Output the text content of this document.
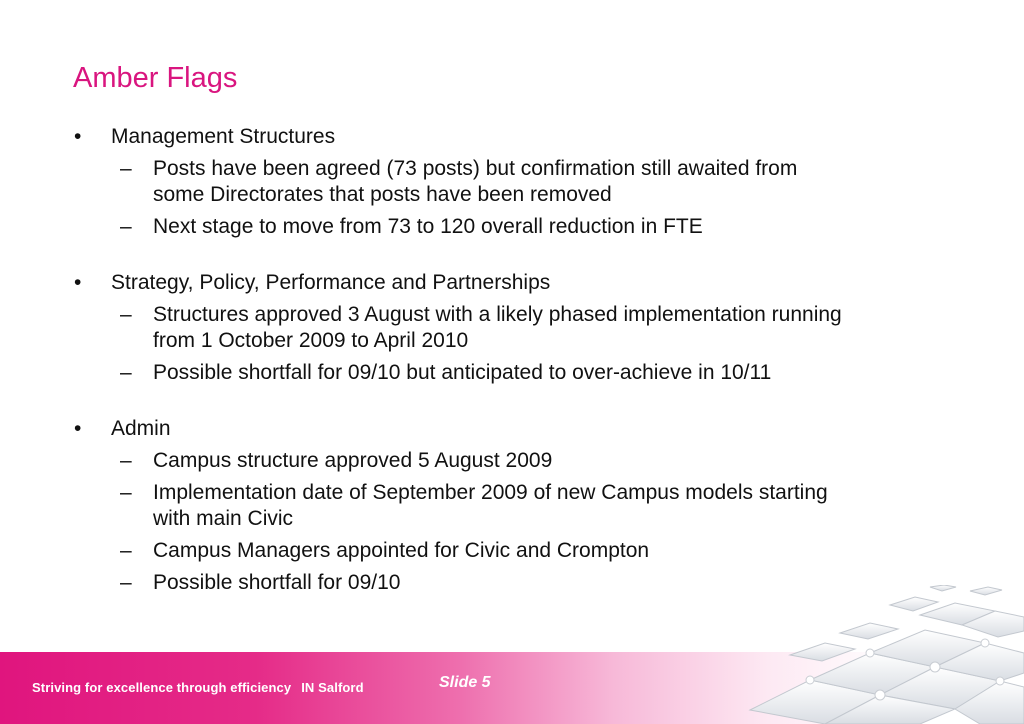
Amber Flags
• Management Structures
– Posts have been agreed (73 posts) but confirmation still awaited from
some Directorates that posts have been removed
– Next stage to move from 73 to 120 overall reduction in FTE
• Strategy, Policy, Performance and Partnerships
– Structures approved 3 August with a likely phased implementation running
from 1 October 2009 to April 2010
– Possible shortfall for 09/10 but anticipated to over-achieve in 10/11
• Admin
– Campus structure approved 5 August 2009
– Implementation date of September 2009 of new Campus models starting
with main Civic
– Campus Managers appointed for Civic and Crompton
– Possible shortfall for 09/10
Striving for excellence through efficiency IN Salford	Slide 5
